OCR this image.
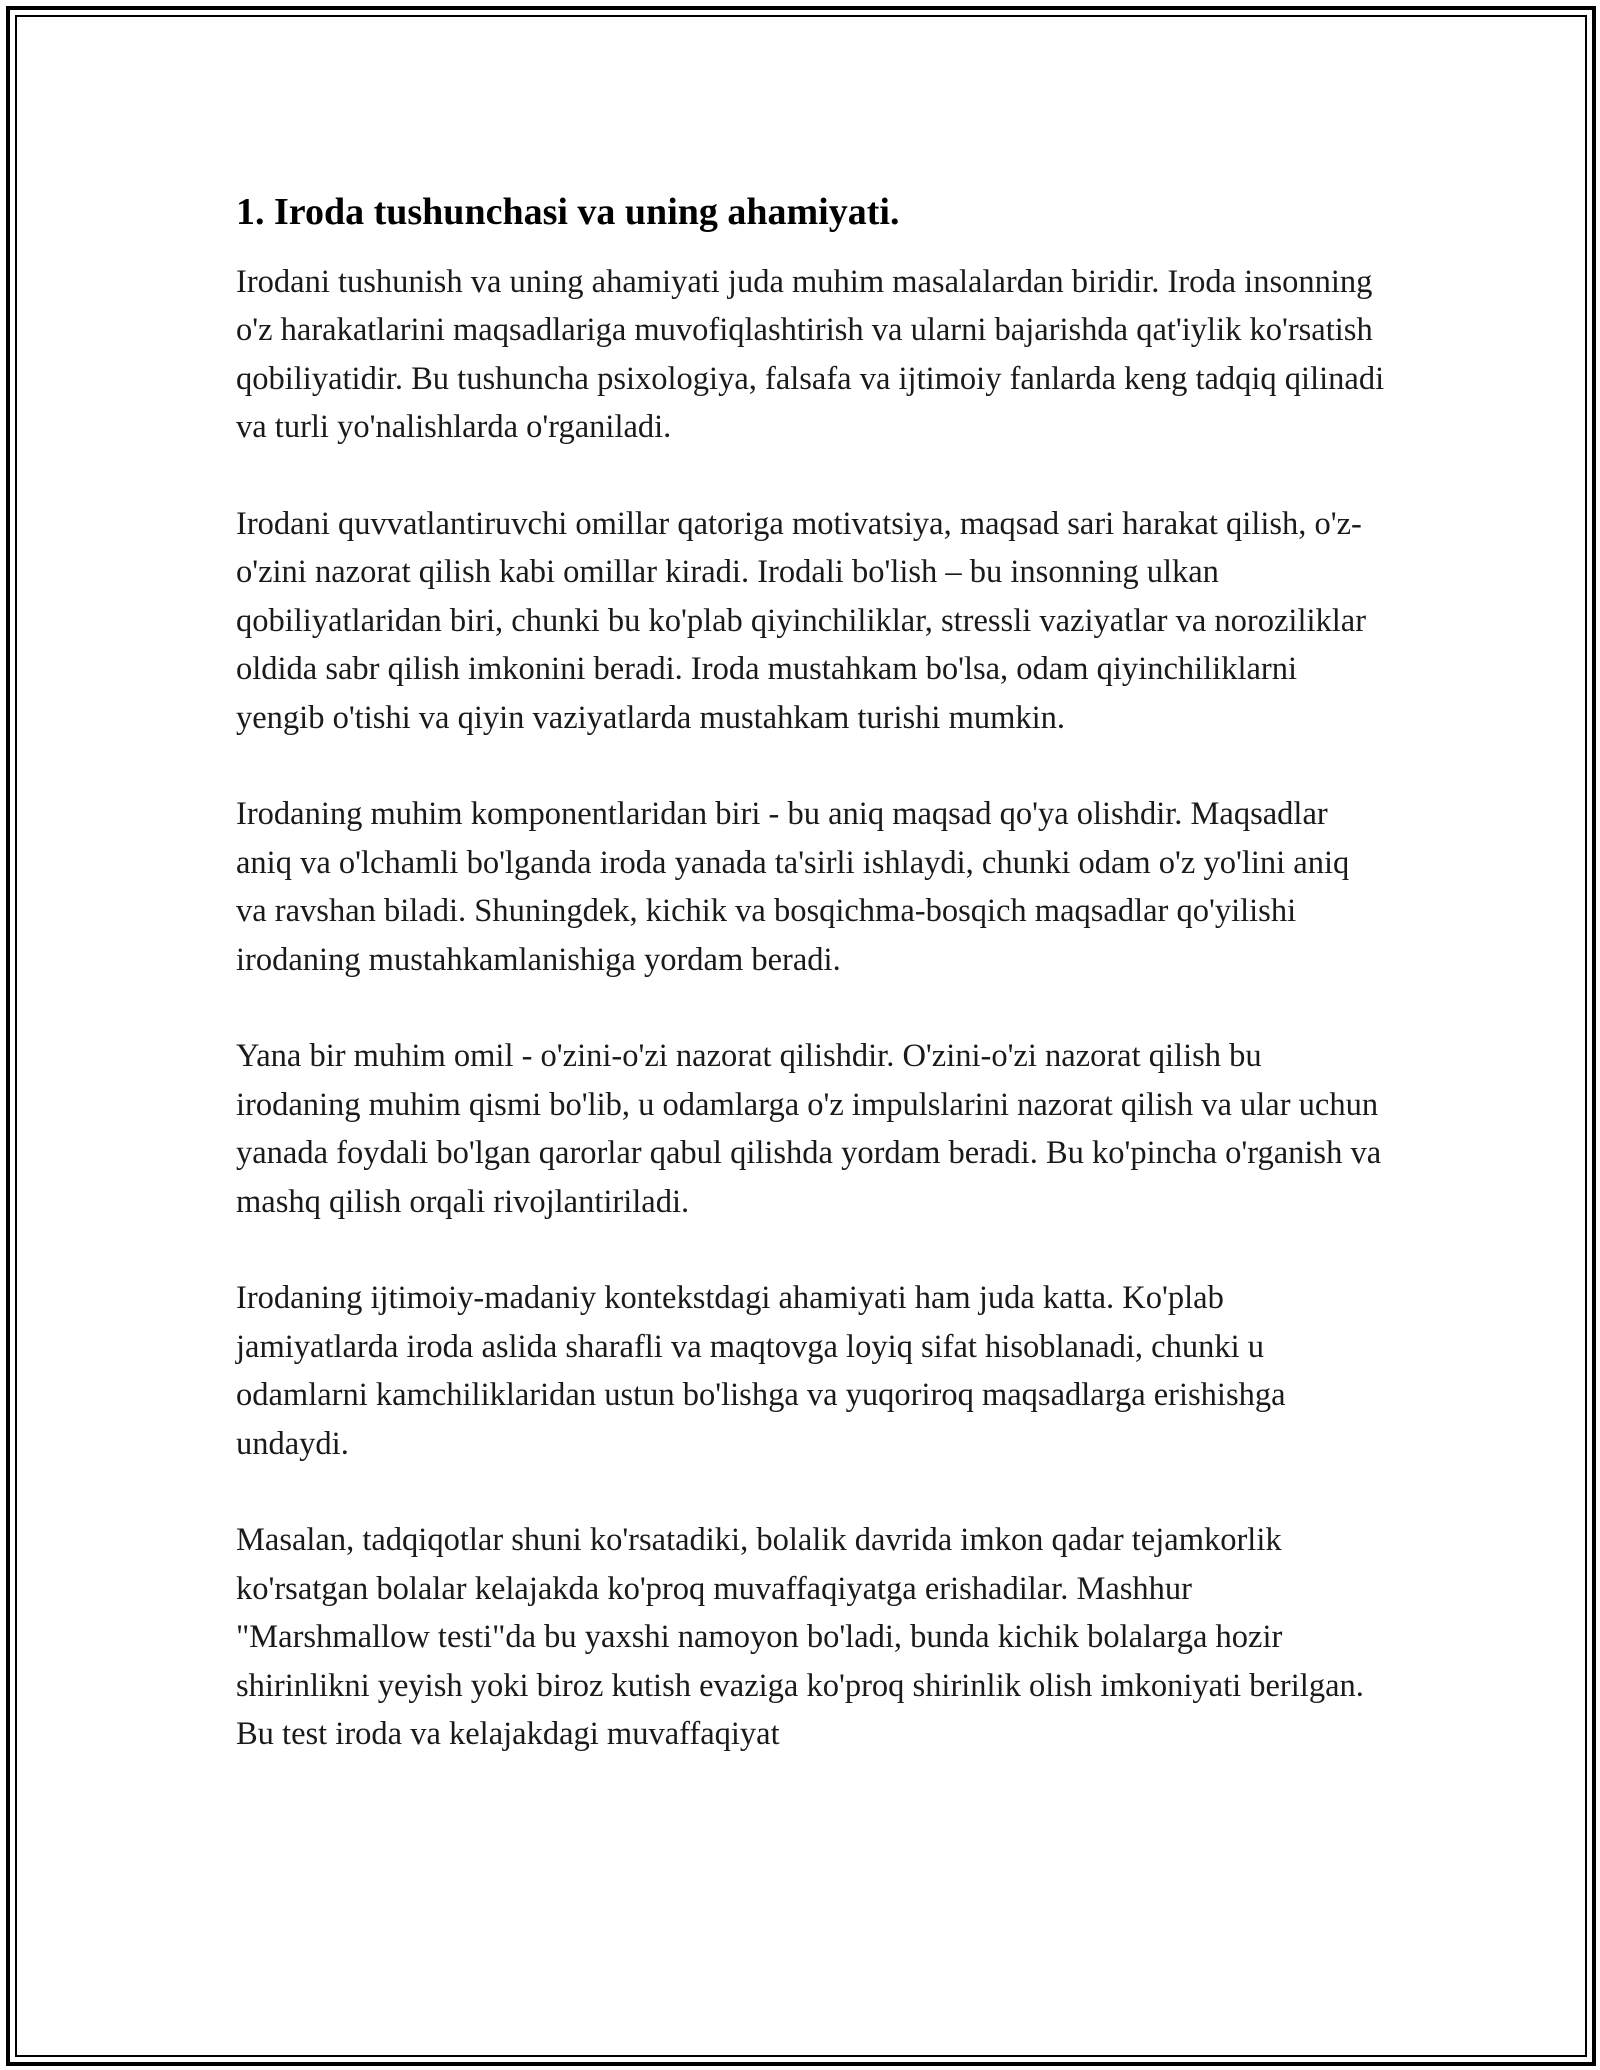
1. Iroda tushunchasi va uning ahamiyati.

Irodani tushunish va uning ahamiyati juda muhim masalalardan biridir. Iroda insonning o'z harakatlarini maqsadlariga muvofiqlashtirish va ularni bajarishda qat'iylik ko'rsatish qobiliyatidir. Bu tushuncha psixologiya, falsafa va ijtimoiy fanlarda keng tadqiq qilinadi va turli yo'nalishlarda o'rganiladi.

Irodani quvvatlantiruvchi omillar qatoriga motivatsiya, maqsad sari harakat qilish, o'z-o'zini nazorat qilish kabi omillar kiradi. Irodali bo'lish – bu insonning ulkan qobiliyatlaridan biri, chunki bu ko'plab qiyinchiliklar, stressli vaziyatlar va noroziliklar oldida sabr qilish imkonini beradi. Iroda mustahkam bo'lsa, odam qiyinchiliklarni yengib o'tishi va qiyin vaziyatlarda mustahkam turishi mumkin.

Irodaning muhim komponentlaridan biri - bu aniq maqsad qo'ya olishdir. Maqsadlar aniq va o'lchamli bo'lganda iroda yanada ta'sirli ishlaydi, chunki odam o'z yo'lini aniq va ravshan biladi. Shuningdek, kichik va bosqichma-bosqich maqsadlar qo'yilishi irodaning mustahkamlanishiga yordam beradi.

Yana bir muhim omil - o'zini-o'zi nazorat qilishdir. O'zini-o'zi nazorat qilish bu irodaning muhim qismi bo'lib, u odamlarga o'z impulslarini nazorat qilish va ular uchun yanada foydali bo'lgan qarorlar qabul qilishda yordam beradi. Bu ko'pincha o'rganish va mashq qilish orqali rivojlantiriladi.

Irodaning ijtimoiy-madaniy kontekstdagi ahamiyati ham juda katta. Ko'plab jamiyatlarda iroda aslida sharafli va maqtovga loyiq sifat hisoblanadi, chunki u odamlarni kamchiliklaridan ustun bo'lishga va yuqoriroq maqsadlarga erishishga undaydi.

Masalan, tadqiqotlar shuni ko'rsatadiki, bolalik davrida imkon qadar tejamkorlik ko'rsatgan bolalar kelajakda ko'proq muvaffaqiyatga erishadilar. Mashhur "Marshmallow testi"da bu yaxshi namoyon bo'ladi, bunda kichik bolalarga hozir shirinlikni yeyish yoki biroz kutish evaziga ko'proq shirinlik olish imkoniyati berilgan. Bu test iroda va kelajakdagi muvaffaqiyat
